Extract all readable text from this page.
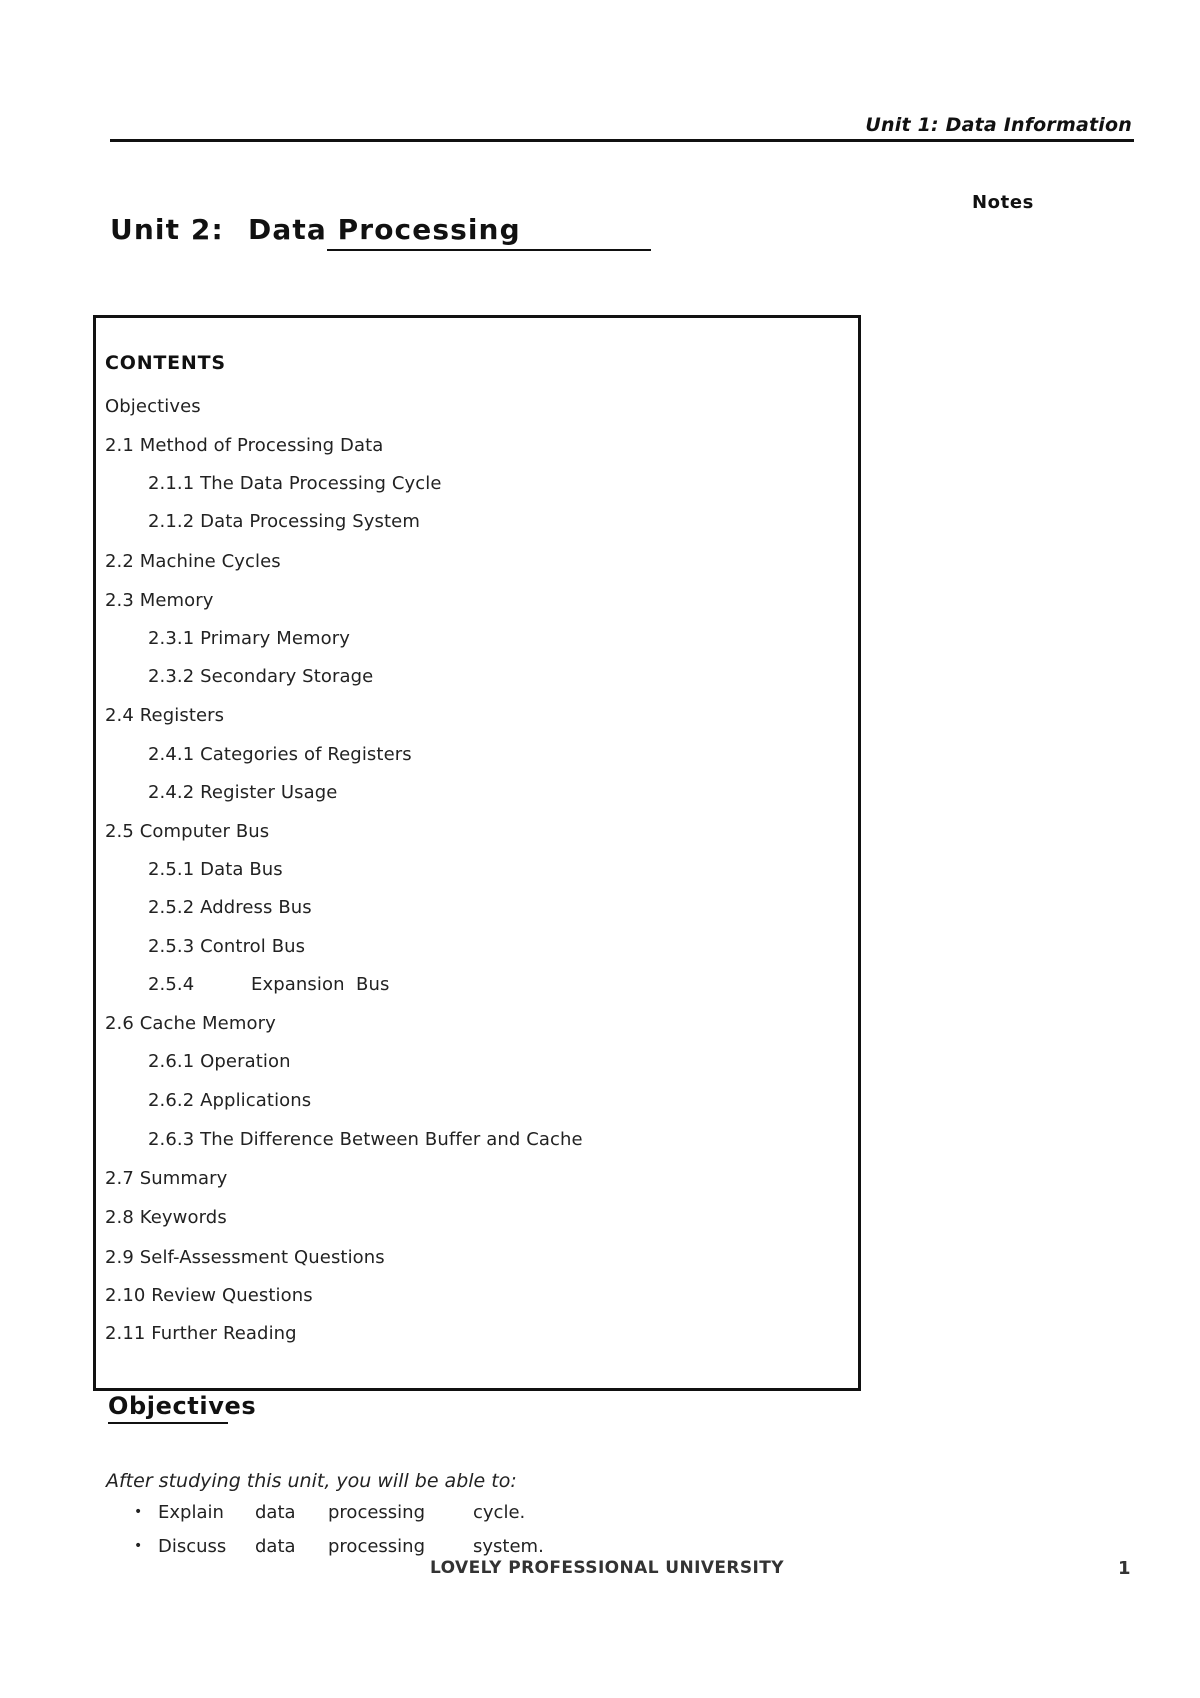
Unit 1: Data Information
Notes
Unit 2: Data Processing
CONTENTS
Objectives
2.1 Method of Processing Data
2.1.1 The Data Processing Cycle
2.1.2 Data Processing System
2.2 Machine Cycles
2.3 Memory
2.3.1 Primary Memory
2.3.2 Secondary Storage
2.4 Registers
2.4.1 Categories of Registers
2.4.2 Register Usage
2.5 Computer Bus
2.5.1 Data Bus
2.5.2 Address Bus
2.5.3 Control Bus
2.5.4	Expansion Bus
2.6 Cache Memory
2.6.1 Operation
2.6.2 Applications
2.6.3 The Difference Between Buffer and Cache
2.7 Summary
2.8 Keywords
2.9 Self-Assessment Questions
2.10 Review Questions
2.11 Further Reading
Objectives
After studying this unit, you will be able to:
Explain data processing	cycle.
Discuss data processing	system.
LOVELY PROFESSIONAL UNIVERSITY	1
